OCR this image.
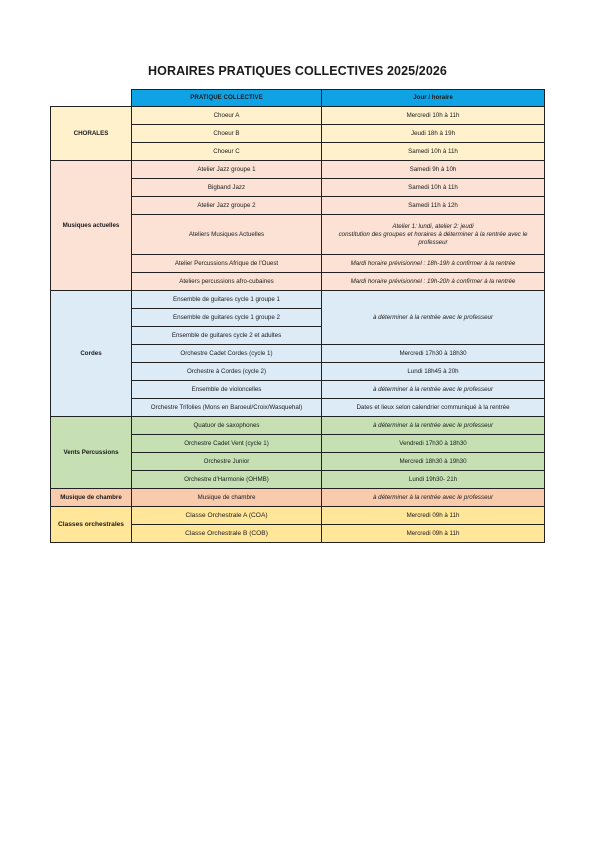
HORAIRES PRATIQUES COLLECTIVES 2025/2026
	PRATIQUE COLLECTIVE	Jour / horaire
CHORALES	Choeur A	Mercredi 10h à 11h
	Choeur B	Jeudi 18h à 19h
	Choeur C	Samedi 10h à 11h
Musiques actuelles	Atelier Jazz groupe 1	Samedi 9h à 10h
	Bigband Jazz	Samedi 10h à 11h
	Atelier Jazz groupe 2	Samedi 11h à 12h
	Ateliers Musiques Actuelles	Atelier 1: lundi, atelier 2: jeudi
constitution des groupes et horaires à déterminer à la rentrée avec le professeur

	Atelier Percussions Afrique de l'Ouest	Mardi horaire prévisionnel : 18h-19h à confirmer à la rentrée
	Ateliers percussions afro-cubaines	Mardi horaire prévisionnel : 19h-20h à confirmer à la rentrée
Cordes	Ensemble de guitares cycle 1 groupe 1	à déterminer à la rentrée avec le professeur
	Ensemble de guitares cycle 1 groupe 2	
	Ensemble de guitares cycle 2 et adultes	
	Orchestre Cadet Cordes (cycle 1)	Mercredi 17h30 à 18h30
	Orchestre à Cordes (cycle 2)	Lundi 18h45 à 20h
	Ensemble de violoncelles	à déterminer à la rentrée avec le professeur
	Orchestre Trifolies (Mons en Baroeul/Croix/Wasquehal)	Dates et lieux selon calendrier communiqué à la rentrée
Vents Percussions	Quatuor de saxophones	à déterminer à la rentrée avec le professeur
	Orchestre Cadet Vent (cycle 1)	Vendredi 17h30 à 18h30
	Orchestre Junior	Mercredi 18h30 à 19h30
	Orchestre d'Harmonie (OHMB)	Lundi 19h30- 21h
Musique de chambre	Musique de chambre	à déterminer à la rentrée avec le professeur
Classes orchestrales	Classe Orchestrale A (COA)	Mercredi 09h à 11h
	Classe Orchestrale B (COB)	Mercredi 09h à 11h
